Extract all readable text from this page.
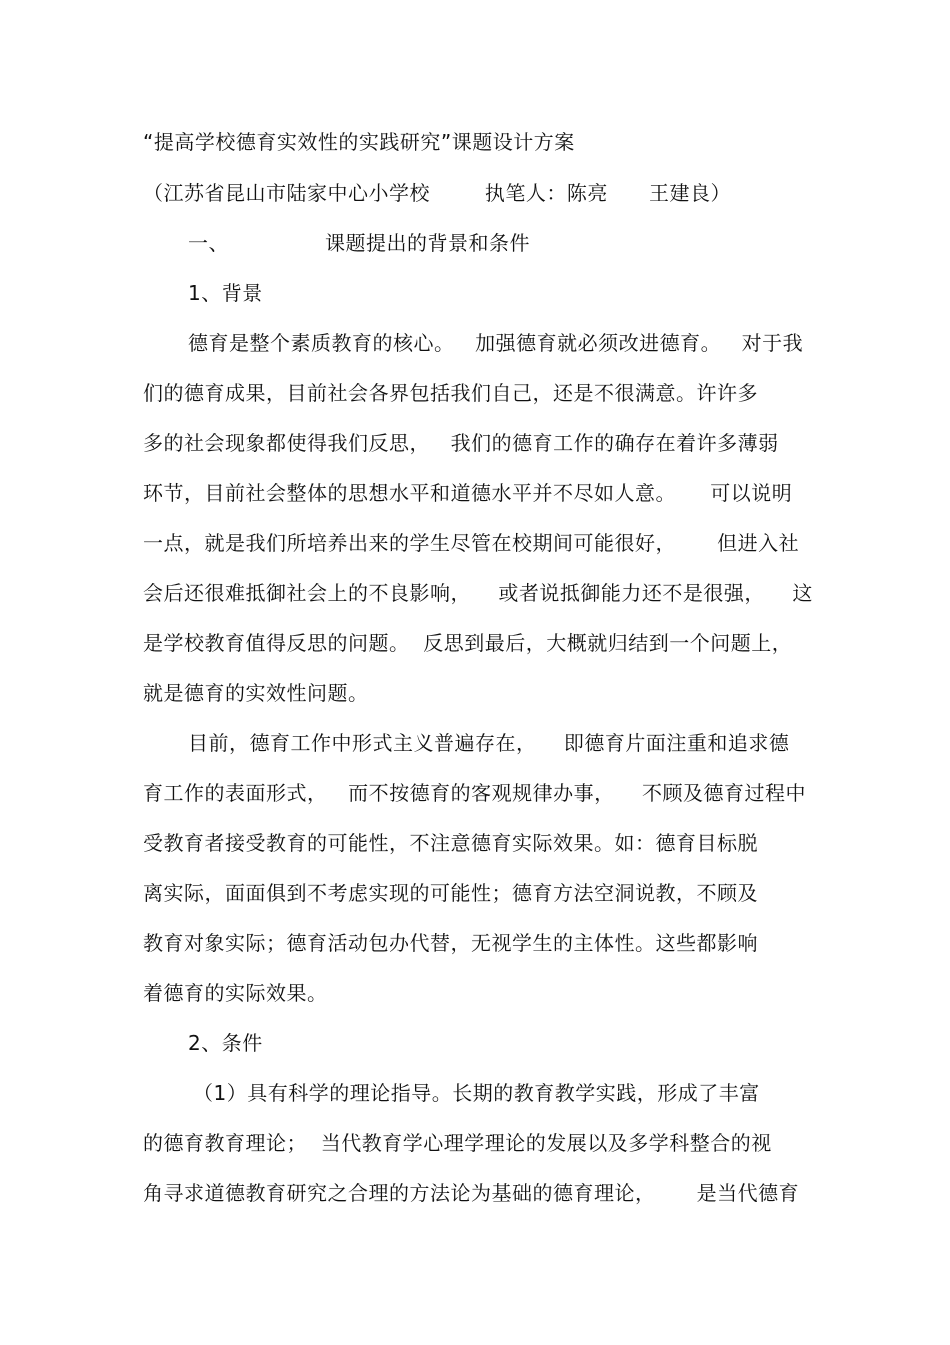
“提高学校德育实效性的实践研究”课题设计方案
（江苏省昆山市陆家中心小学校        执笔人：陈亮      王建良）
一、              课题提出的背景和条件
1、背景
德育是整个素质教育的核心。   加强德育就必须改进德育。   对于我
们的德育成果，目前社会各界包括我们自己，还是不很满意。许许多
多的社会现象都使得我们反思，   我们的德育工作的确存在着许多薄弱
环节，目前社会整体的思想水平和道德水平并不尽如人意。     可以说明
一点，就是我们所培养出来的学生尽管在校期间可能很好，      但进入社
会后还很难抵御社会上的不良影响，    或者说抵御能力还不是很强，    这
是学校教育值得反思的问题。  反思到最后，大概就归结到一个问题上，
就是德育的实效性问题。
目前，德育工作中形式主义普遍存在，    即德育片面注重和追求德
育工作的表面形式，   而不按德育的客观规律办事，    不顾及德育过程中
受教育者接受教育的可能性，不注意德育实际效果。如：德育目标脱
离实际，面面俱到不考虑实现的可能性；德育方法空洞说教，不顾及
教育对象实际；德育活动包办代替，无视学生的主体性。这些都影响
着德育的实际效果。
2、条件
（1）具有科学的理论指导。长期的教育教学实践，形成了丰富
的德育教育理论；  当代教育学心理学理论的发展以及多学科整合的视
角寻求道德教育研究之合理的方法论为基础的德育理论，      是当代德育
